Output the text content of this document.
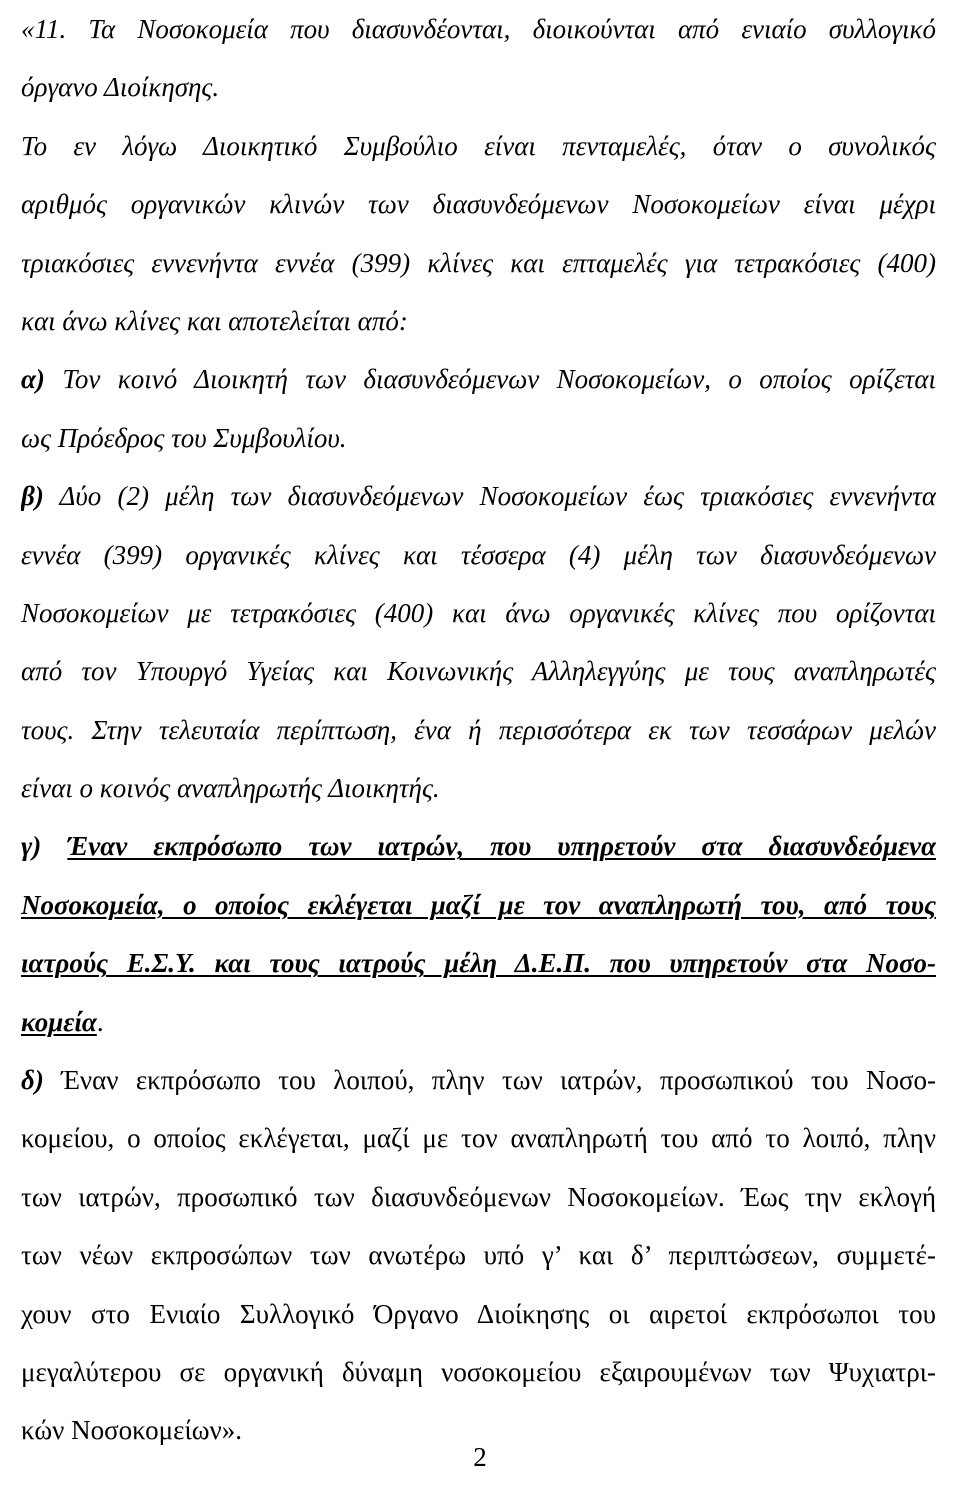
«11. Τα Νοσοκομεία που διασυνδέονται, διοικούνται από ενιαίο συλλογικό
όργανο Διοίκησης.
Το εν λόγω Διοικητικό Συμβούλιο είναι πενταμελές, όταν ο συνολικός
αριθμός οργανικών κλινών των διασυνδεόμενων Νοσοκομείων είναι μέχρι
τριακόσιες εννενήντα εννέα (399) κλίνες και επταμελές για τετρακόσιες (400)
και άνω κλίνες και αποτελείται από:
α) Τον κοινό Διοικητή των διασυνδεόμενων Νοσοκομείων, ο οποίος ορίζεται
ως Πρόεδρος του Συμβουλίου.
β) Δύο (2) μέλη των διασυνδεόμενων Νοσοκομείων έως τριακόσιες εννενήντα
εννέα (399) οργανικές κλίνες και τέσσερα (4) μέλη των διασυνδεόμενων
Νοσοκομείων με τετρακόσιες (400) και άνω οργανικές κλίνες που ορίζονται
από τον Υπουργό Υγείας και Κοινωνικής Αλληλεγγύης με τους αναπληρωτές
τους. Στην τελευταία περίπτωση, ένα ή περισσότερα εκ των τεσσάρων μελών
είναι ο κοινός αναπληρωτής Διοικητής.
γ) Έναν εκπρόσωπο των ιατρών, που υπηρετούν στα διασυνδεόμενα
Νοσοκομεία, ο οποίος εκλέγεται μαζί με τον αναπληρωτή του, από τους
ιατρούς Ε.Σ.Υ. και τους ιατρούς μέλη Δ.Ε.Π. που υπηρετούν στα Νοσο-
κομεία.
δ) Έναν εκπρόσωπο του λοιπού, πλην των ιατρών, προσωπικού του Νοσο-
κομείου, ο οποίος εκλέγεται, μαζί με τον αναπληρωτή του από το λοιπό, πλην
των ιατρών, προσωπικό των διασυνδεόμενων Νοσοκομείων. Έως την εκλογή
των νέων εκπροσώπων των ανωτέρω υπό γ’ και δ’ περιπτώσεων, συμμετέ-
χουν στο Ενιαίο Συλλογικό Όργανο Διοίκησης οι αιρετοί εκπρόσωποι του
μεγαλύτερου σε οργανική δύναμη νοσοκομείου εξαιρουμένων των Ψυχιατρι-
κών Νοσοκομείων».
2
